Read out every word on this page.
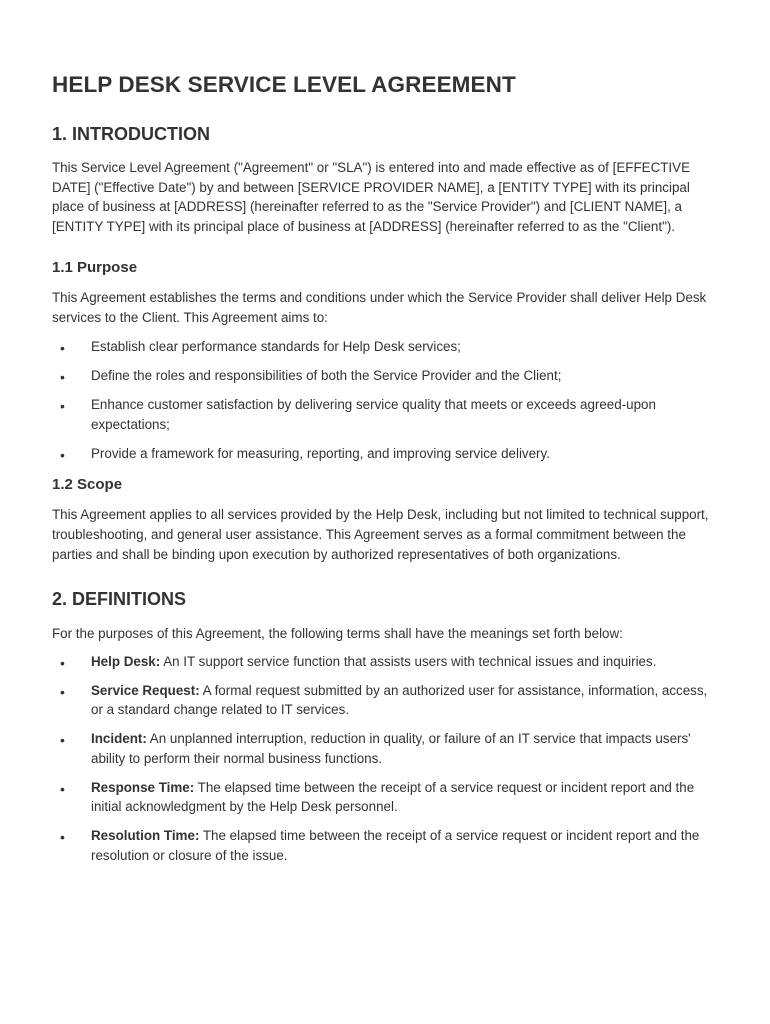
HELP DESK SERVICE LEVEL AGREEMENT
1. INTRODUCTION

This Service Level Agreement ("Agreement" or "SLA") is entered into and made effective as of [EFFECTIVE DATE] ("Effective Date") by and between [SERVICE PROVIDER NAME], a [ENTITY TYPE] with its principal place of business at [ADDRESS] (hereinafter referred to as the "Service Provider") and [CLIENT NAME], a [ENTITY TYPE] with its principal place of business at [ADDRESS] (hereinafter referred to as the "Client").

1.1 Purpose

This Agreement establishes the terms and conditions under which the Service Provider shall deliver Help Desk services to the Client. This Agreement aims to:

• Establish clear performance standards for Help Desk services;
• Define the roles and responsibilities of both the Service Provider and the Client;
• Enhance customer satisfaction by delivering service quality that meets or exceeds agreed-upon expectations;
• Provide a framework for measuring, reporting, and improving service delivery.
1.2 Scope

This Agreement applies to all services provided by the Help Desk, including but not limited to technical support, troubleshooting, and general user assistance. This Agreement serves as a formal commitment between the parties and shall be binding upon execution by authorized representatives of both organizations.

2. DEFINITIONS

For the purposes of this Agreement, the following terms shall have the meanings set forth below:

• Help Desk: An IT support service function that assists users with technical issues and inquiries.
• Service Request: A formal request submitted by an authorized user for assistance, information, access, or a standard change related to IT services.
• Incident: An unplanned interruption, reduction in quality, or failure of an IT service that impacts users' ability to perform their normal business functions.
• Response Time: The elapsed time between the receipt of a service request or incident report and the initial acknowledgment by the Help Desk personnel.
• Resolution Time: The elapsed time between the receipt of a service request or incident report and the resolution or closure of the issue.
